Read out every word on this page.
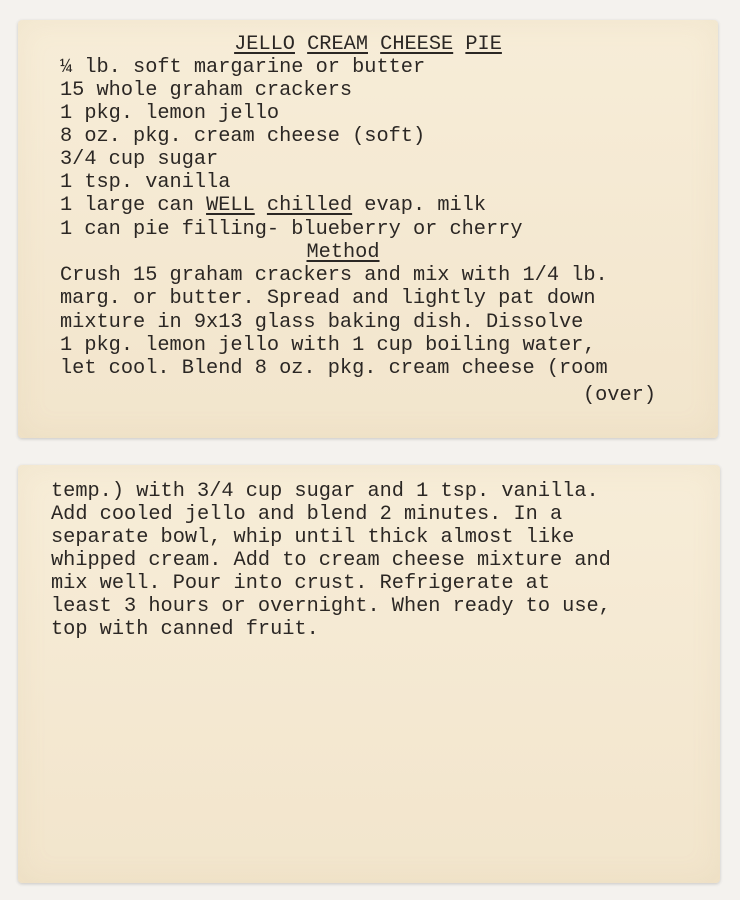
JELLO CREAM CHEESE PIE
¼ lb. soft margarine or butter
15 whole graham crackers
1 pkg. lemon jello
8 oz. pkg. cream cheese (soft)
3/4 cup sugar
1 tsp. vanilla
1 large can WELL chilled evap. milk
1 can pie filling- blueberry or cherry
Method
Crush 15 graham crackers and mix with 1/4 lb.
marg. or butter. Spread and lightly pat down
mixture in 9x13 glass baking dish. Dissolve
1 pkg. lemon jello with 1 cup boiling water,
let cool. Blend 8 oz. pkg. cream cheese (room
(over)
temp.) with 3/4 cup sugar and 1 tsp. vanilla.
Add cooled jello and blend 2 minutes. In a
separate bowl, whip until thick almost like
whipped cream. Add to cream cheese mixture and
mix well. Pour into crust. Refrigerate at
least 3 hours or overnight. When ready to use,
top with canned fruit.
